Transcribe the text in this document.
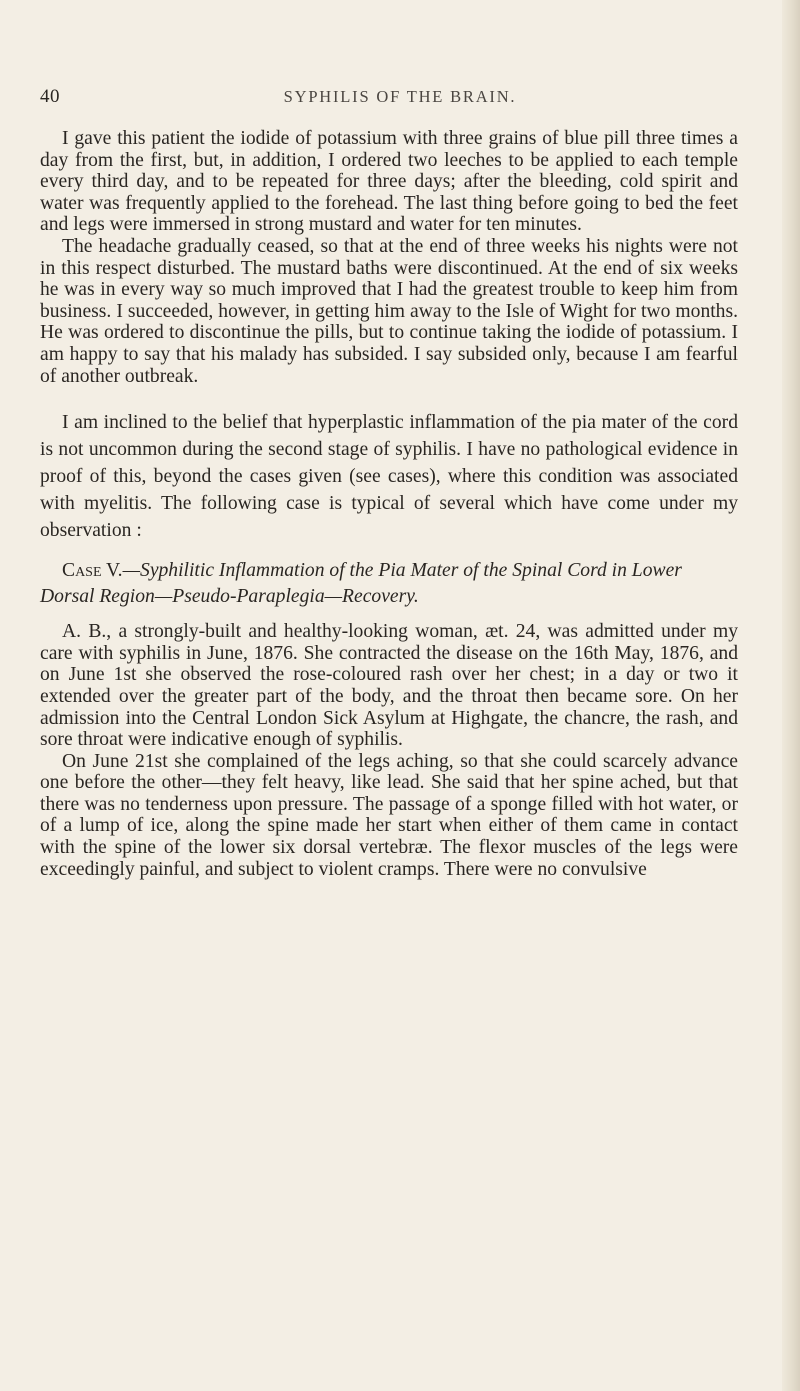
40	SYPHILIS OF THE BRAIN.

I gave this patient the iodide of potassium with three grains of blue pill three times a day from the first, but, in addition, I ordered two leeches to be applied to each temple every third day, and to be repeated for three days; after the bleeding, cold spirit and water was frequently applied to the forehead. The last thing before going to bed the feet and legs were immersed in strong mustard and water for ten minutes.

The headache gradually ceased, so that at the end of three weeks his nights were not in this respect disturbed. The mustard baths were discontinued. At the end of six weeks he was in every way so much improved that I had the greatest trouble to keep him from business. I succeeded, however, in getting him away to the Isle of Wight for two months. He was ordered to discontinue the pills, but to continue taking the iodide of potassium. I am happy to say that his malady has subsided. I say subsided only, because I am fearful of another outbreak.

I am inclined to the belief that hyperplastic inflammation of the pia mater of the cord is not uncommon during the second stage of syphilis. I have no pathological evidence in proof of this, beyond the cases given (see cases), where this condition was associated with myelitis. The following case is typical of several which have come under my observation :

Case V.—Syphilitic Inflammation of the Pia Mater of the Spinal Cord in Lower Dorsal Region—Pseudo-Paraplegia—Recovery.

A. B., a strongly-built and healthy-looking woman, æt. 24, was admitted under my care with syphilis in June, 1876. She contracted the disease on the 16th May, 1876, and on June 1st she observed the rose-coloured rash over her chest; in a day or two it extended over the greater part of the body, and the throat then became sore. On her admission into the Central London Sick Asylum at Highgate, the chancre, the rash, and sore throat were indicative enough of syphilis.

On June 21st she complained of the legs aching, so that she could scarcely advance one before the other—they felt heavy, like lead. She said that her spine ached, but that there was no tenderness upon pressure. The passage of a sponge filled with hot water, or of a lump of ice, along the spine made her start when either of them came in contact with the spine of the lower six dorsal vertebræ. The flexor muscles of the legs were exceedingly painful, and subject to violent cramps. There were no convulsive
